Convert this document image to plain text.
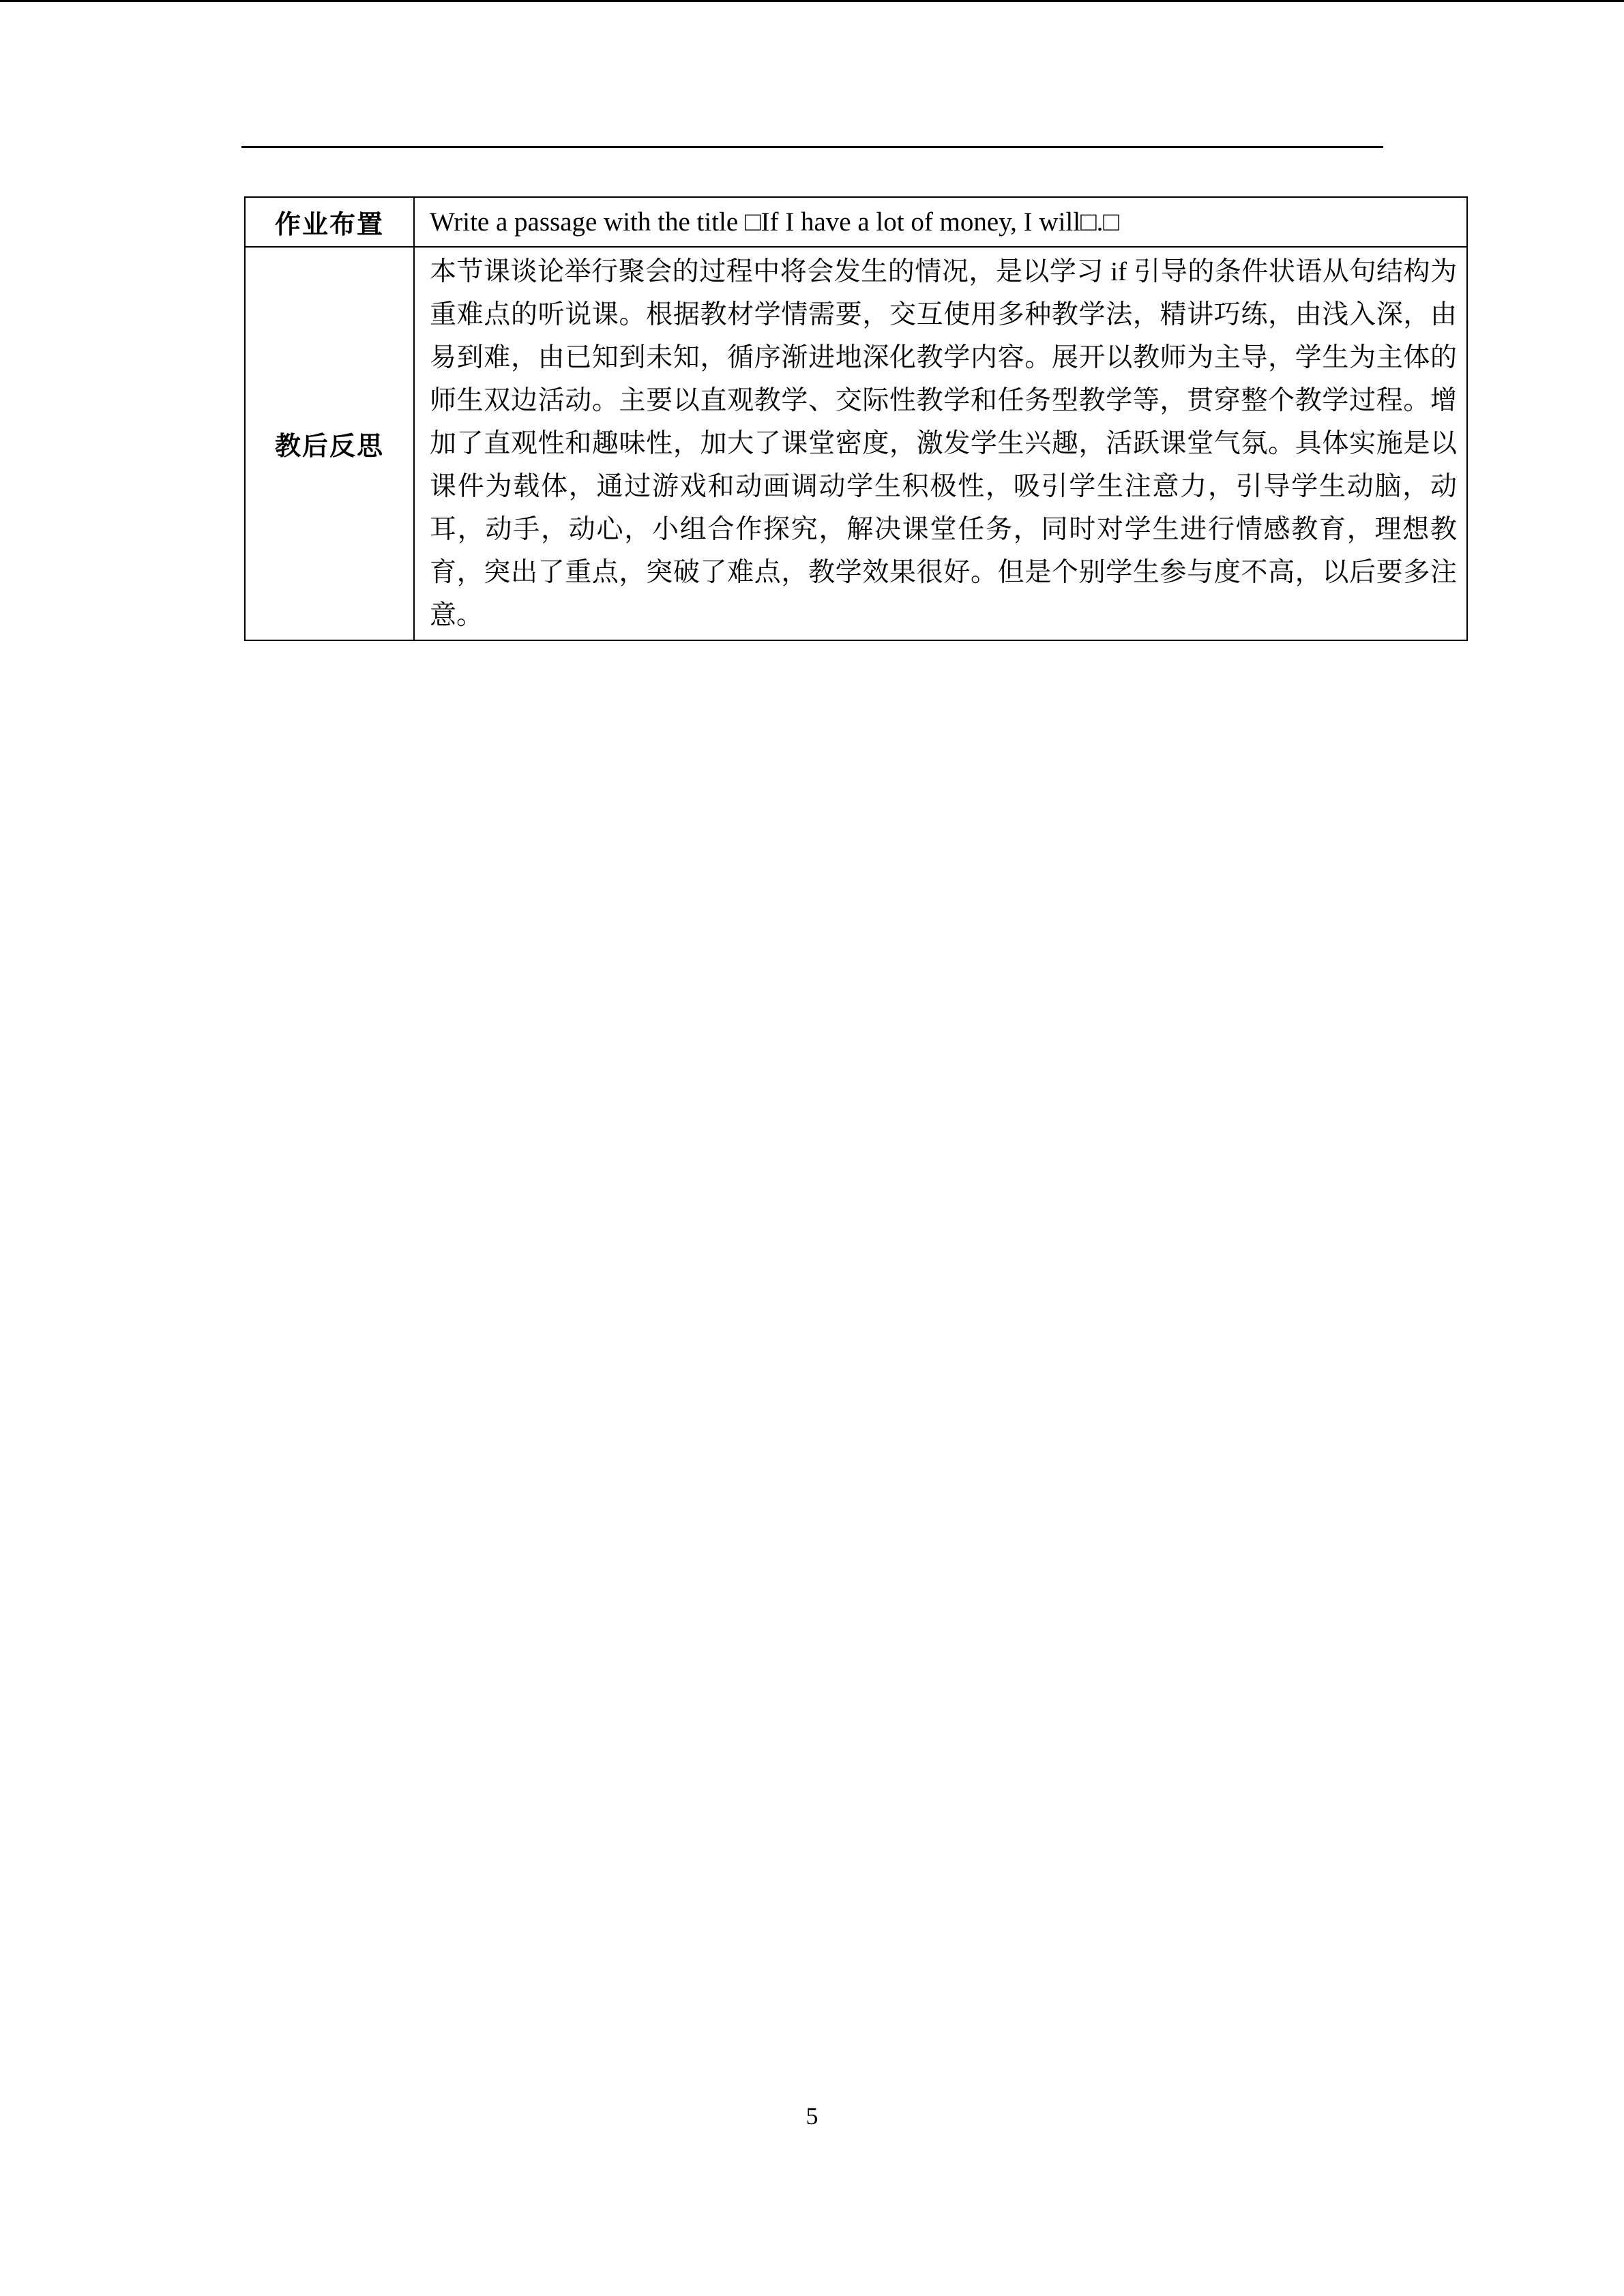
作业布置	Write a passage with the title □If I have a lot of money, I will□.□
教后反思	本节课谈论举行聚会的过程中将会发生的情况，是以学习 if 引导的条件状语从句结构为重难点的听说课。根据教材学情需要，交互使用多种教学法，精讲巧练，由浅入深，由易到难，由已知到未知，循序渐进地深化教学内容。展开以教师为主导，学生为主体的师生双边活动。主要以直观教学、交际性教学和任务型教学等，贯穿整个教学过程。增加了直观性和趣味性，加大了课堂密度，激发学生兴趣，活跃课堂气氛。具体实施是以课件为载体，通过游戏和动画调动学生积极性，吸引学生注意力，引导学生动脑，动耳，动手，动心，小组合作探究，解决课堂任务，同时对学生进行情感教育，理想教育，突出了重点，突破了难点，教学效果很好。但是个别学生参与度不高，以后要多注意。
5
